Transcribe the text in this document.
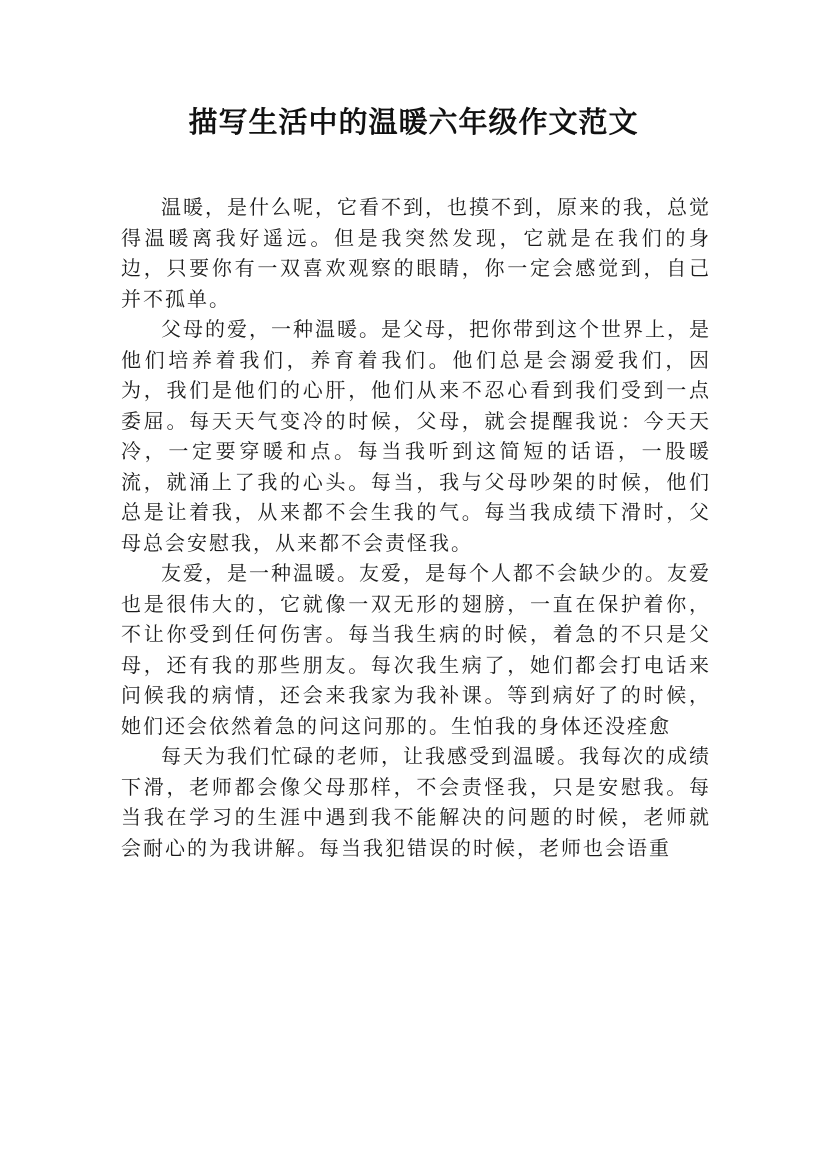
描写生活中的温暖六年级作文范文

温暖，是什么呢，它看不到，也摸不到，原来的我，总觉得温暖离我好遥远。但是我突然发现，它就是在我们的身边，只要你有一双喜欢观察的眼睛，你一定会感觉到，自己并不孤单。

父母的爱，一种温暖。是父母，把你带到这个世界上，是他们培养着我们，养育着我们。他们总是会溺爱我们，因为，我们是他们的心肝，他们从来不忍心看到我们受到一点委屈。每天天气变冷的时候，父母，就会提醒我说：今天天冷，一定要穿暖和点。每当我听到这简短的话语，一股暖流，就涌上了我的心头。每当，我与父母吵架的时候，他们总是让着我，从来都不会生我的气。每当我成绩下滑时，父母总会安慰我，从来都不会责怪我。

友爱，是一种温暖。友爱，是每个人都不会缺少的。友爱也是很伟大的，它就像一双无形的翅膀，一直在保护着你，不让你受到任何伤害。每当我生病的时候，着急的不只是父母，还有我的那些朋友。每次我生病了，她们都会打电话来问候我的病情，还会来我家为我补课。等到病好了的时候，她们还会依然着急的问这问那的。生怕我的身体还没痊愈

每天为我们忙碌的老师，让我感受到温暖。我每次的成绩下滑，老师都会像父母那样，不会责怪我，只是安慰我。每当我在学习的生涯中遇到我不能解决的问题的时候，老师就会耐心的为我讲解。每当我犯错误的时候，老师也会语重
